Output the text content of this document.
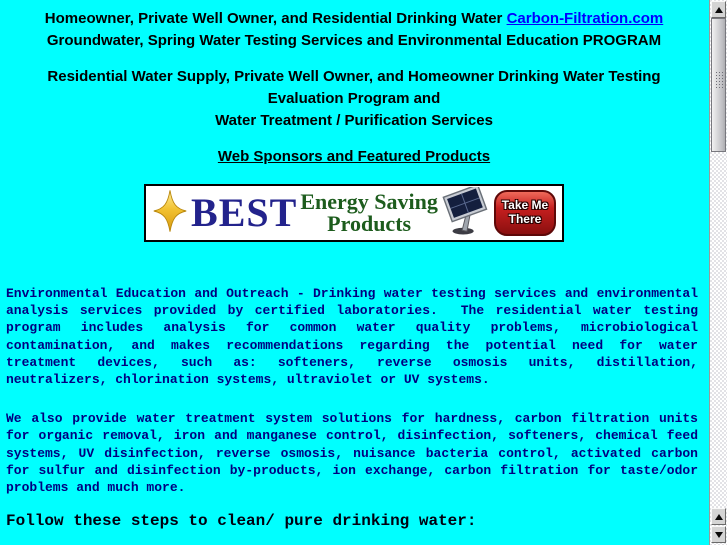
Homeowner, Private Well Owner, and Residential Drinking Water Carbon-Filtration.com
Groundwater, Spring Water Testing Services and Environmental Education PROGRAM
Residential Water Supply, Private Well Owner, and Homeowner Drinking Water Testing
Evaluation Program and
Water Treatment / Purification Services
Web Sponsors and Featured Products
BEST Energy Saving
Products
Take Me
There

Environmental Education and Outreach - Drinking water testing services and environmental analysis services provided by certified laboratories.  The residential water testing program includes analysis for common water quality problems, microbiological contamination, and makes recommendations regarding the potential need for water treatment devices, such as: softeners, reverse osmosis units, distillation, neutralizers, chlorination systems, ultraviolet or UV systems.

We also provide water treatment system solutions for hardness, carbon filtration units for organic removal, iron and manganese control, disinfection, softeners, chemical feed systems, UV disinfection, reverse osmosis, nuisance bacteria control, activated carbon for sulfur and disinfection by-products, ion exchange, carbon filtration for taste/odor problems and much more.

Follow these steps to clean/ pure drinking water:
